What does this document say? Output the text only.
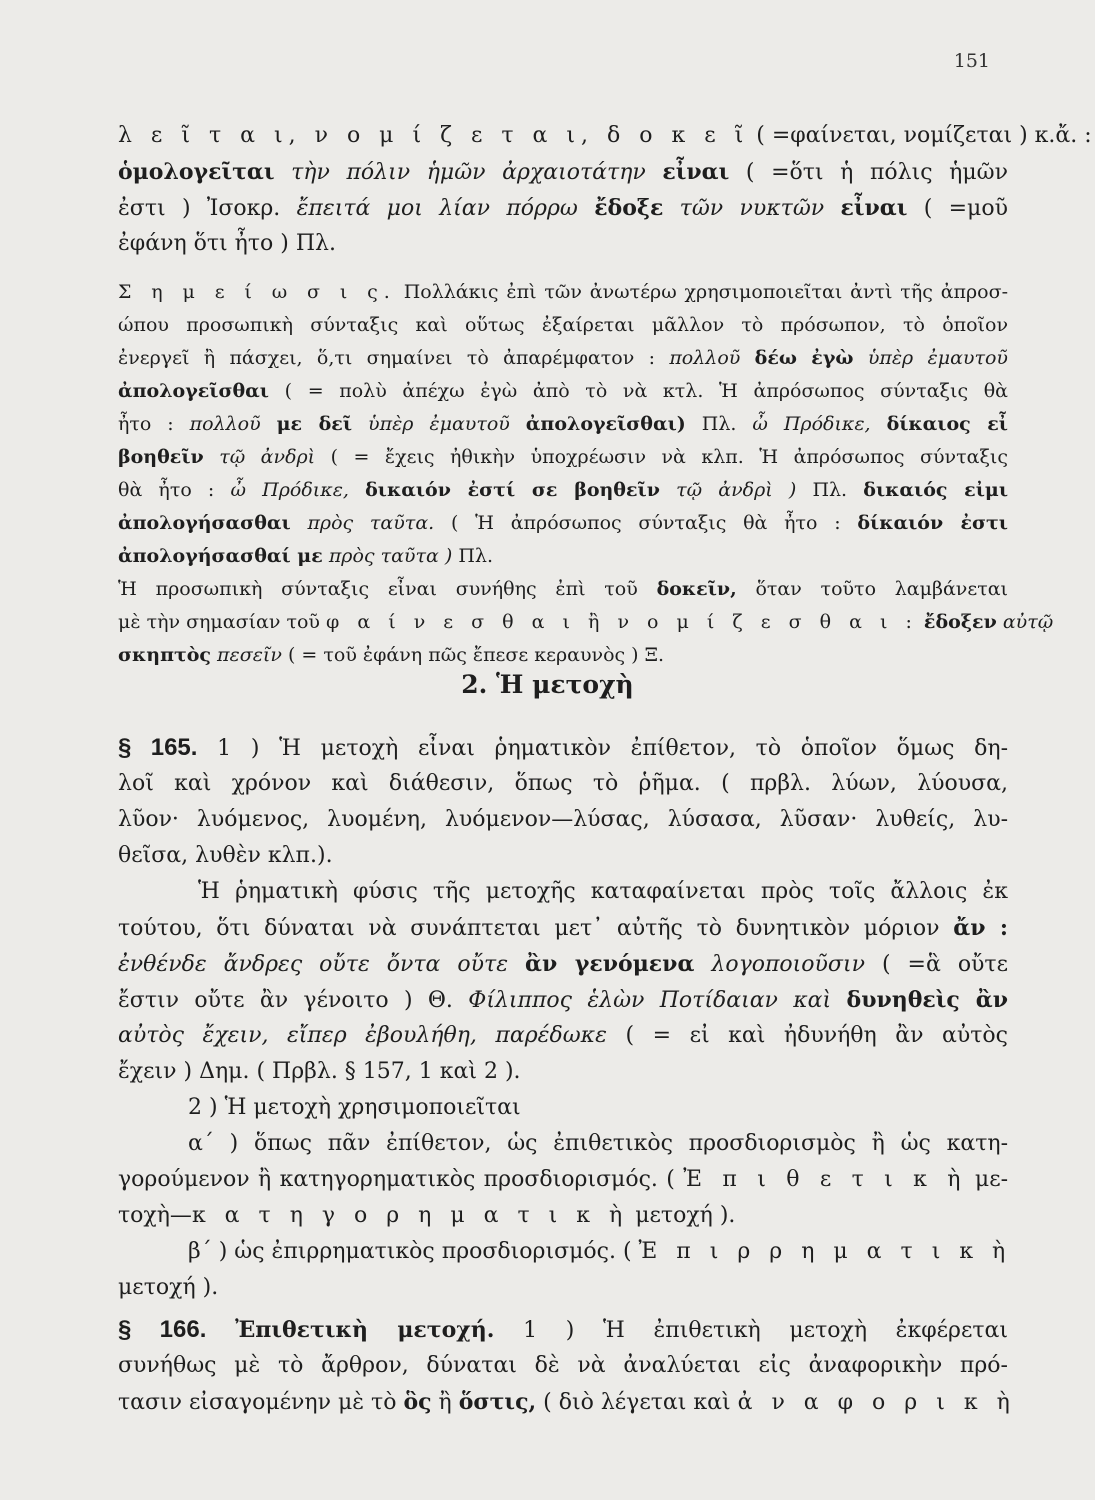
151
λ ε ῖ τ α ι, ν ο μ ί ζ ε τ α ι, δ ο κ ε ῖ ( =φαίνεται, νομίζεται ) κ.ἄ. :
ὁμολογεῖται τὴν πόλιν ἡμῶν ἀρχαιοτάτην εἶναι ( =ὅτι ἡ πόλις ἡμῶν
ἐστι ) Ἰσοκρ. ἔπειτά μοι λίαν πόρρω ἔδοξε τῶν νυκτῶν εἶναι ( =μοῦ
ἐφάνη ὅτι ἦτο ) Πλ.
Σ η μ ε ί ω σ ι ς. Πολλάκις ἐπὶ τῶν ἀνωτέρω χρησιμοποιεῖται ἀντὶ τῆς ἀπροσ-
ώπου προσωπικὴ σύνταξις καὶ οὕτως ἐξαίρεται μᾶλλον τὸ πρόσωπον, τὸ ὁποῖον
ἐνεργεῖ ἢ πάσχει, ὅ,τι σημαίνει τὸ ἀπαρέμφατον : πολλοῦ δέω ἐγὼ ὑπὲρ ἐμαυτοῦ
ἀπολογεῖσθαι ( = πολὺ ἀπέχω ἐγὼ ἀπὸ τὸ νὰ κτλ. Ἡ ἀπρόσωπος σύνταξις θὰ
ἦτο : πολλοῦ με δεῖ ὑπὲρ ἐμαυτοῦ ἀπολογεῖσθαι) Πλ. ὦ Πρόδικε, δίκαιος εἶ
βοηθεῖν τῷ ἀνδρὶ ( = ἔχεις ἠθικὴν ὑποχρέωσιν νὰ κλπ. Ἡ ἀπρόσωπος σύνταξις
θὰ ἦτο : ὦ Πρόδικε, δικαιόν ἐστί σε βοηθεῖν τῷ ἀνδρὶ ) Πλ. δικαιός εἰμι
ἀπολογήσασθαι πρὸς ταῦτα. ( Ἡ ἀπρόσωπος σύνταξις θὰ ἦτο : δίκαιόν ἐστι
ἀπολογήσασθαί με πρὸς ταῦτα ) Πλ.
Ἡ προσωπικὴ σύνταξις εἶναι συνήθης ἐπὶ τοῦ δοκεῖν, ὅταν τοῦτο λαμβάνεται
μὲ τὴν σημασίαν τοῦ φ α ί ν ε σ θ α ι ἢ ν ο μ ί ζ ε σ θ α ι : ἔδοξεν αὐτῷ
σκηπτὸς πεσεῖν ( = τοῦ ἐφάνη πῶς ἔπεσε κεραυνὸς ) Ξ.
2. Ἡ μετοχὴ
§ 165. 1 ) Ἡ μετοχὴ εἶναι ῥηματικὸν ἐπίθετον, τὸ ὁποῖον ὅμως δη-
λοῖ καὶ χρόνον καὶ διάθεσιν, ὅπως τὸ ῥῆμα. ( πρβλ. λύων, λύουσα,
λῦον· λυόμενος, λυομένη, λυόμενον—λύσας, λύσασα, λῦσαν· λυθείς, λυ-
θεῖσα, λυθὲν κλπ.).
Ἡ ῥηματικὴ φύσις τῆς μετοχῆς καταφαίνεται πρὸς τοῖς ἄλλοις ἐκ
τούτου, ὅτι δύναται νὰ συνάπτεται μετ᾽ αὐτῆς τὸ δυνητικὸν μόριον ἄν :
ἐνθένδε ἄνδρες οὔτε ὄντα οὔτε ἂν γενόμενα λογοποιοῦσιν ( =ἃ οὔτε
ἔστιν οὔτε ἂν γένοιτο ) Θ. Φίλιππος ἑλὼν Ποτίδαιαν καὶ δυνηθεὶς ἂν
αὐτὸς ἔχειν, εἴπερ ἐβουλήθη, παρέδωκε ( = εἰ καὶ ἠδυνήθη ἂν αὐτὸς
ἔχειν ) Δημ. ( Πρβλ. § 157, 1 καὶ 2 ).
2 ) Ἡ μετοχὴ χρησιμοποιεῖται
α΄ ) ὅπως πᾶν ἐπίθετον, ὡς ἐπιθετικὸς προσδιορισμὸς ἢ ὡς κατη-
γορούμενον ἢ κατηγορηματικὸς προσδιορισμός. ( Ἐ π ι θ ε τ ι κ ὴ με-
τοχὴ—κ α τ η γ ο ρ η μ α τ ι κ ὴ μετοχή ).
β΄ ) ὡς ἐπιρρηματικὸς προσδιορισμός. ( Ἐ π ι ρ ρ η μ α τ ι κ ὴ
μετοχή ).
§ 166. Ἐπιθετικὴ μετοχή. 1 ) Ἡ ἐπιθετικὴ μετοχὴ ἐκφέρεται
συνήθως μὲ τὸ ἄρθρον, δύναται δὲ νὰ ἀναλύεται εἰς ἀναφορικὴν πρό-
τασιν εἰσαγομένην μὲ τὸ ὃς ἢ ὅστις, ( διὸ λέγεται καὶ ἀ ν α φ ο ρ ι κ ὴ
